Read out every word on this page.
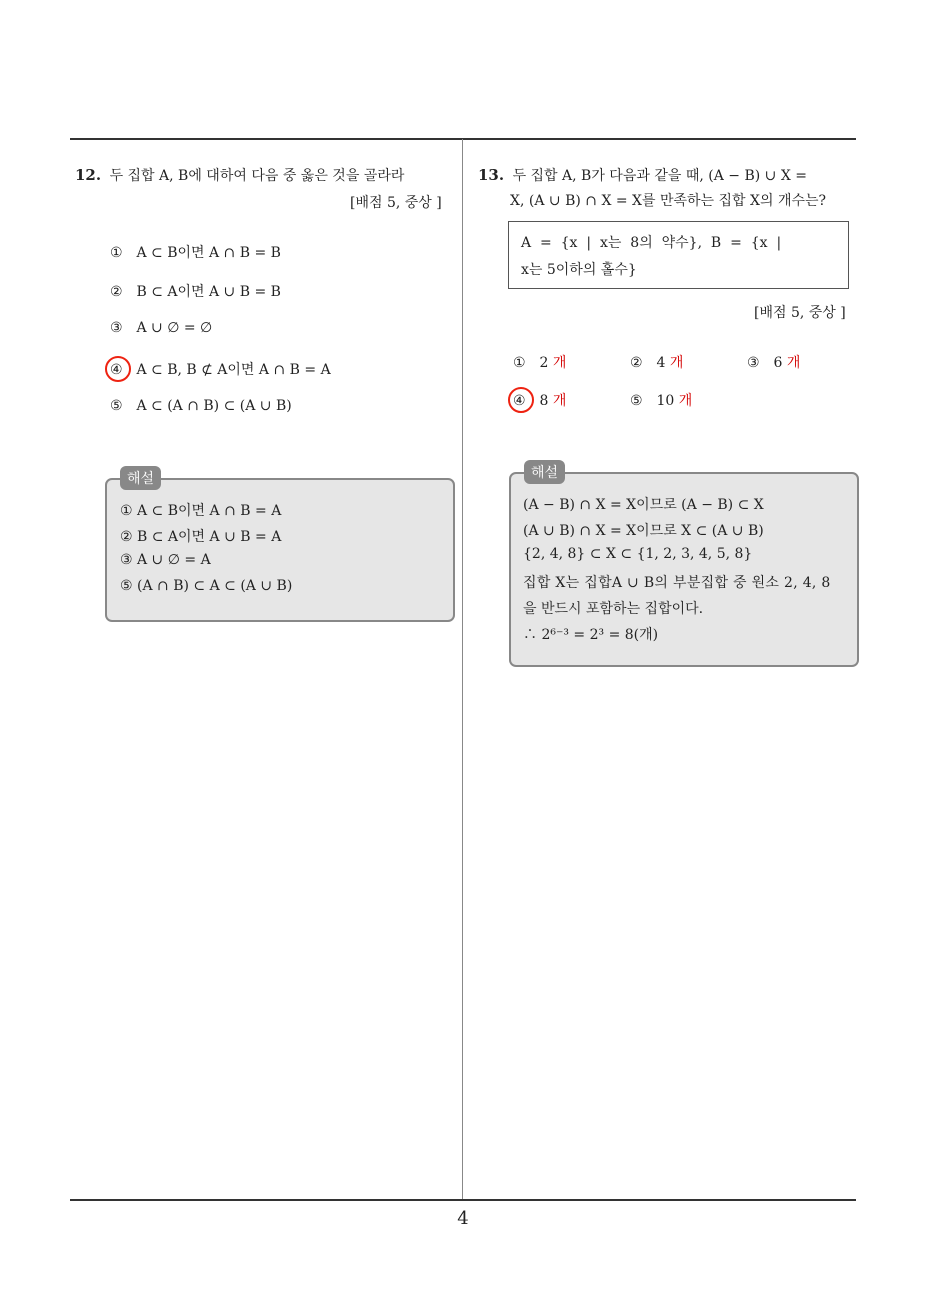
12. 두 집합 A, B에 대하여 다음 중 옳은 것을 골라라
[배점 5, 중상 ]
① A ⊂ B이면 A ∩ B = B
② B ⊂ A이면 A ∪ B = B
③ A ∪ ∅ = ∅
④ A ⊂ B, B ⊄ A이면 A ∩ B = A
⑤ A ⊂ (A ∩ B) ⊂ (A ∪ B)
해설
① A ⊂ B이면 A ∩ B = A
② B ⊂ A이면 A ∪ B = A
③ A ∪ ∅ = A
⑤ (A ∩ B) ⊂ A ⊂ (A ∪ B)
13. 두 집합 A, B가 다음과 같을 때, (A − B) ∪ X =
X, (A ∪ B) ∩ X = X를 만족하는 집합 X의 개수는?
A  =  {x  |  x는  8의  약수},  B  =  {x  |
x는 5이하의 홀수}
[배점 5, 중상 ]
① 2 개	② 4 개	③ 6 개
④ 8 개	⑤ 10 개
해설
(A − B) ∩ X = X이므로 (A − B) ⊂ X
(A ∪ B) ∩ X = X이므로 X ⊂ (A ∪ B)
{2, 4, 8} ⊂ X ⊂ {1, 2, 3, 4, 5, 8}
집합 X는 집합A ∪ B의 부분집합 중 원소 2, 4, 8
을 반드시 포함하는 집합이다.
∴ 2⁶⁻³ = 2³ = 8(개)
4
